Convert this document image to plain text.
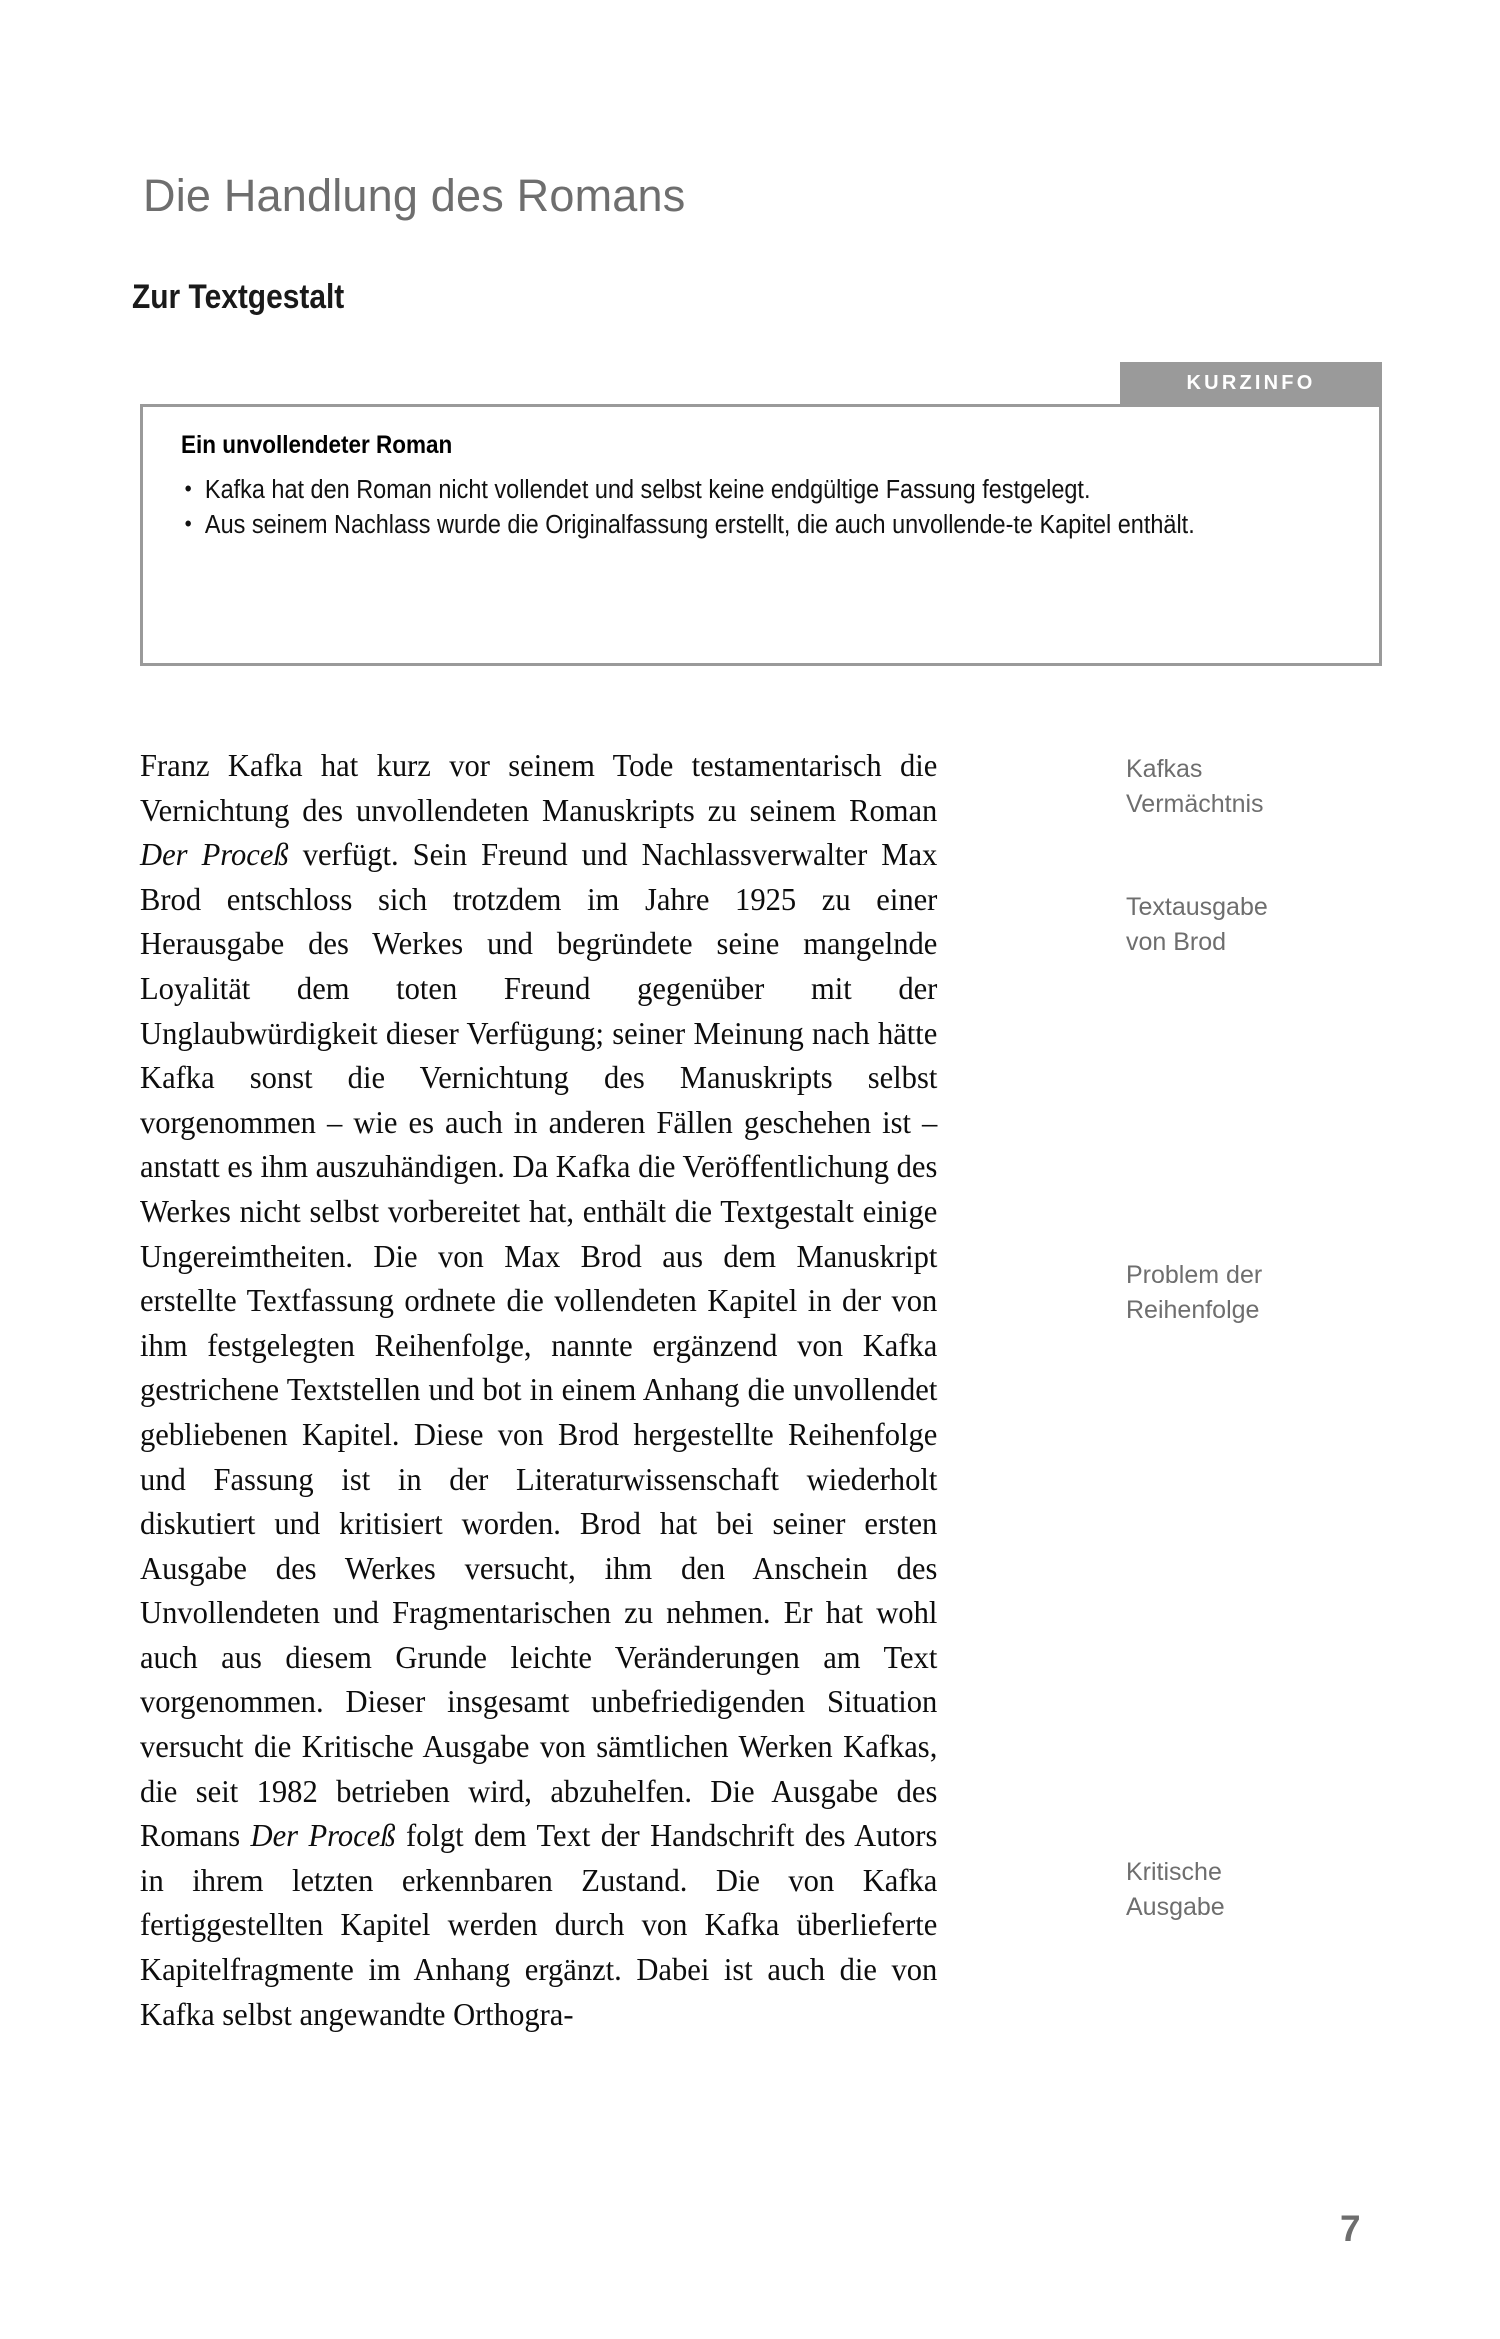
Die Handlung des Romans
Zur Textgestalt
KURZINFO
Ein unvollendeter Roman
• Kafka hat den Roman nicht vollendet und selbst keine endgültige Fassung festgelegt.
• Aus seinem Nachlass wurde die Originalfassung erstellt, die auch unvollende-te Kapitel enthält.
Franz Kafka hat kurz vor seinem Tode testamentarisch die Vernichtung des unvollendeten Manuskripts zu seinem Roman Der Proceß verfügt. Sein Freund und Nachlassverwalter Max Brod entschloss sich trotzdem im Jahre 1925 zu einer Herausgabe des Werkes und begründete seine mangelnde Loyalität dem toten Freund gegenüber mit der Unglaubwürdigkeit dieser Verfügung; seiner Meinung nach hätte Kafka sonst die Vernichtung des Manuskripts selbst vorgenommen – wie es auch in anderen Fällen geschehen ist – anstatt es ihm auszuhändigen. Da Kafka die Veröffentlichung des Werkes nicht selbst vorbereitet hat, enthält die Textgestalt einige Ungereimtheiten. Die von Max Brod aus dem Manuskript erstellte Textfassung ordnete die vollendeten Kapitel in der von ihm festgelegten Reihenfolge, nannte ergänzend von Kafka gestrichene Textstellen und bot in einem Anhang die unvollendet gebliebenen Kapitel. Diese von Brod hergestellte Reihenfolge und Fassung ist in der Literaturwissenschaft wiederholt diskutiert und kritisiert worden. Brod hat bei seiner ersten Ausgabe des Werkes versucht, ihm den Anschein des Unvollendeten und Fragmentarischen zu nehmen. Er hat wohl auch aus diesem Grunde leichte Veränderungen am Text vorgenommen. Dieser insgesamt unbefriedigenden Situation versucht die Kritische Ausgabe von sämtlichen Werken Kafkas, die seit 1982 betrieben wird, abzuhelfen. Die Ausgabe des Romans Der Proceß folgt dem Text der Handschrift des Autors in ihrem letzten erkennbaren Zustand. Die von Kafka fertiggestellten Kapitel werden durch von Kafka überlieferte Kapitelfragmente im Anhang ergänzt. Dabei ist auch die von Kafka selbst angewandte Orthogra-
Kafkas
Vermächtnis
Textausgabe
von Brod
Problem der
Reihenfolge
Kritische
Ausgabe
7
